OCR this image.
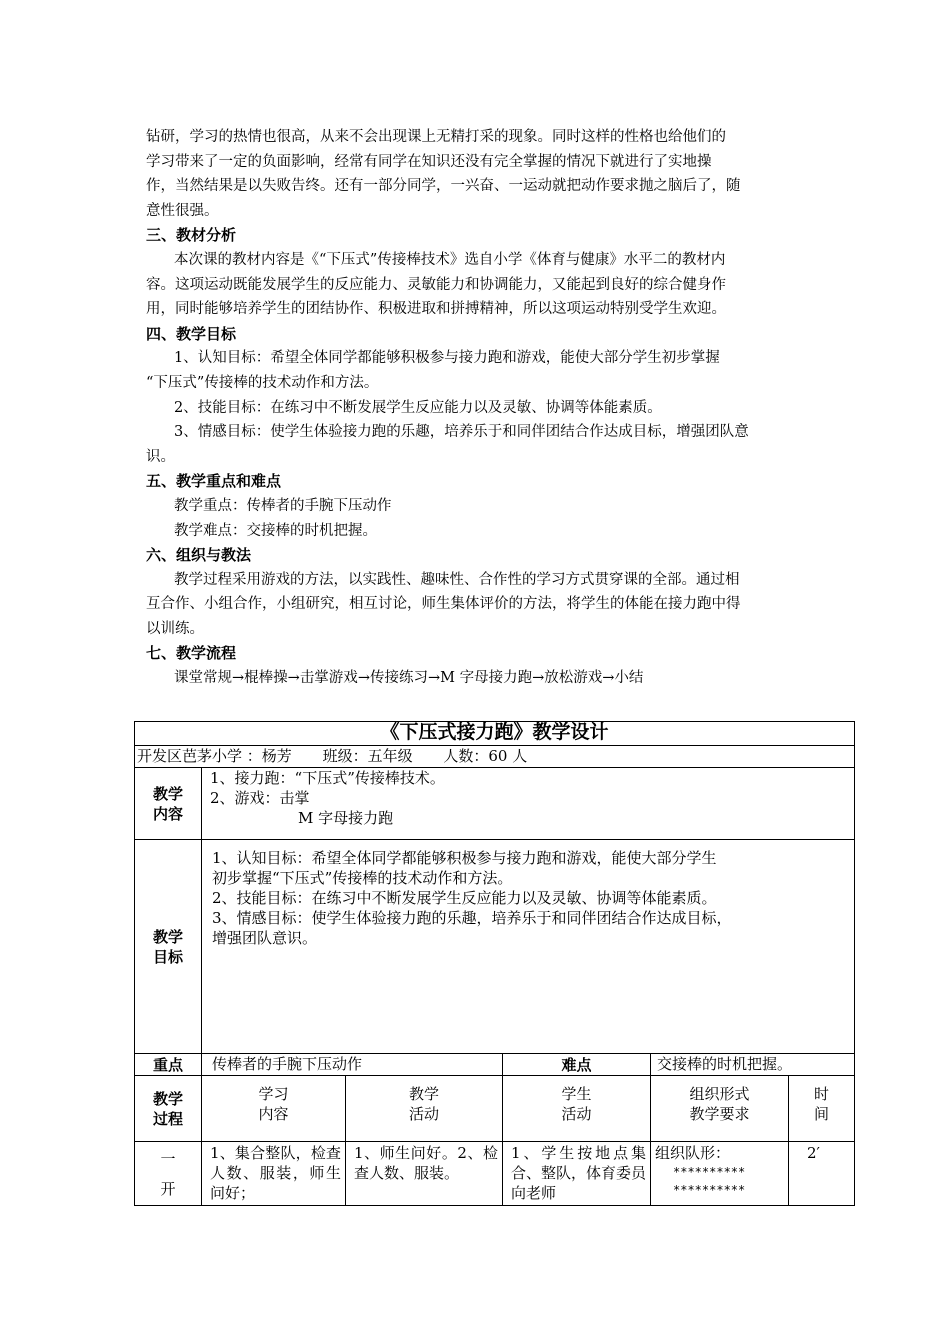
钻研，学习的热情也很高，从来不会出现课上无精打采的现象。同时这样的性格也给他们的

学习带来了一定的负面影响，经常有同学在知识还没有完全掌握的情况下就进行了实地操

作，当然结果是以失败告终。还有一部分同学，一兴奋、一运动就把动作要求抛之脑后了，随

意性很强。

三、教材分析

本次课的教材内容是《“下压式”传接棒技术》选自小学《体育与健康》水平二的教材内

容。这项运动既能发展学生的反应能力、灵敏能力和协调能力，又能起到良好的综合健身作

用，同时能够培养学生的团结协作、积极进取和拼搏精神，所以这项运动特别受学生欢迎。

四、教学目标

1、认知目标：希望全体同学都能够积极参与接力跑和游戏，能使大部分学生初步掌握

“下压式”传接棒的技术动作和方法。

2、技能目标：在练习中不断发展学生反应能力以及灵敏、协调等体能素质。

3、情感目标：使学生体验接力跑的乐趣，培养乐于和同伴团结合作达成目标，增强团队意

识。

五、教学重点和难点

教学重点：传棒者的手腕下压动作

教学难点：交接棒的时机把握。

六、组织与教法

教学过程采用游戏的方法，以实践性、趣味性、合作性的学习方式贯穿课的全部。通过相

互合作、小组合作，小组研究，相互讨论，师生集体评价的方法，将学生的体能在接力跑中得

以训练。

七、教学流程

课堂常规→棍棒操→击掌游戏→传接练习→M 字母接力跑→放松游戏→小结

《下压式接力跑》教学设计					
开发区芭茅小学 ：杨芳 班级：五年级 人数：60 人					

教学内容	1、接力跑：“下压式”传接棒技术。
2、游戏：击掌
M 字母接力跑				

教学目标	1、认知目标：希望全体同学都能够积极参与接力跑和游戏，能使大部分学生

初步掌握“下压式”传接棒的技术动作和方法。

2、技能目标：在练习中不断发展学生反应能力以及灵敏、协调等体能素质。

3、情感目标：使学生体验接力跑的乐趣，培养乐于和同伴团结合作达成目标，

增强团队意识。				

重点	传棒者的手腕下压动作		难点	交接棒的时机把握。	

教学过程	学习内容	教学活动	学生活动	组织形式教学要求	时间

一 开	1、集合整队，检查人数、服装，师生问好；	1、师生问好。2、检查人数、服装。	1、学生按地点集合、整队，体育委员向老师	组织队形：
**********
**********	2′
